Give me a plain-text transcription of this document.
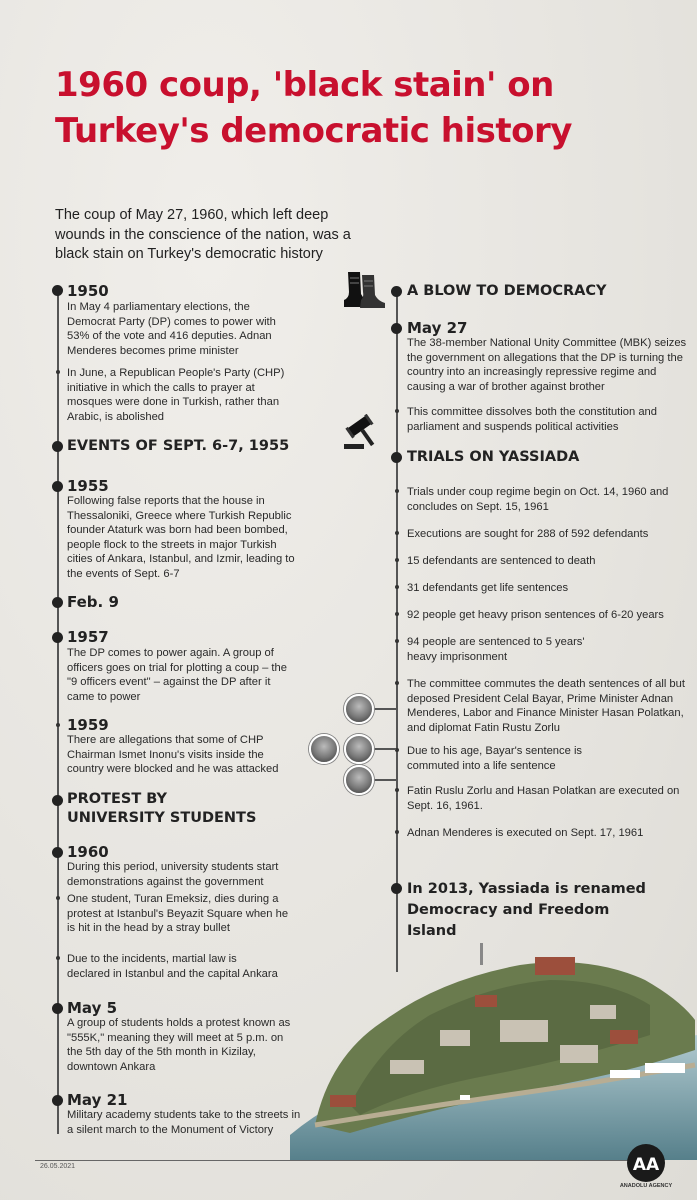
1960 coup, 'black stain' on Turkey's democratic history

The coup of May 27, 1960, which left deep wounds in the conscience of the nation, was a black stain on Turkey's democratic history

1950
In May 4 parliamentary elections, the Democrat Party (DP) comes to power with 53% of the vote and 416 deputies. Adnan Menderes becomes prime minister
In June, a Republican People's Party (CHP) initiative in which the calls to prayer at mosques were done in Turkish, rather than Arabic, is abolished
EVENTS OF SEPT. 6-7, 1955
1955
Following false reports that the house in Thessaloniki, Greece where Turkish Republic founder Ataturk was born had been bombed, people flock to the streets in major Turkish cities of Ankara, Istanbul, and Izmir, leading to the events of Sept. 6-7
Feb. 9
1957
The DP comes to power again. A group of officers goes on trial for plotting a coup – the "9 officers event" – against the DP after it came to power
1959
There are allegations that some of CHP Chairman Ismet Inonu's visits inside the country were blocked and he was attacked
PROTEST BY UNIVERSITY STUDENTS
1960
During this period, university students start demonstrations against the government
One student, Turan Emeksiz, dies during a protest at Istanbul's Beyazit Square when he is hit in the head by a stray bullet
Due to the incidents, martial law is declared in Istanbul and the capital Ankara
May 5
A group of students holds a protest known as "555K," meaning they will meet at 5 p.m. on the 5th day of the 5th month in Kizilay, downtown Ankara
May 21
Military academy students take to the streets in a silent march to the Monument of Victory
A BLOW TO DEMOCRACY
May 27
The 38-member National Unity Committee (MBK) seizes the government on allegations that the DP is turning the country into an increasingly repressive regime and causing a war of brother against brother
This committee dissolves both the constitution and parliament and suspends political activities
TRIALS ON YASSIADA
Trials under coup regime begin on Oct. 14, 1960 and concludes on Sept. 15, 1961
Executions are sought for 288 of 592 defendants
15 defendants are sentenced to death
31 defendants get life sentences
92 people get heavy prison sentences of 6-20 years
94 people are sentenced to 5 years' heavy imprisonment
The committee commutes the death sentences of all but deposed President Celal Bayar, Prime Minister Adnan Menderes, Labor and Finance Minister Hasan Polatkan, and diplomat Fatin Rustu Zorlu
Due to his age, Bayar's sentence is commuted into a life sentence
Fatin Ruslu Zorlu and Hasan Polatkan are executed on Sept. 16, 1961.
Adnan Menderes is executed on Sept. 17, 1961
In 2013, Yassiada is renamed Democracy and Freedom Island
26.05.2021	AA
ANADOLU AGENCY
